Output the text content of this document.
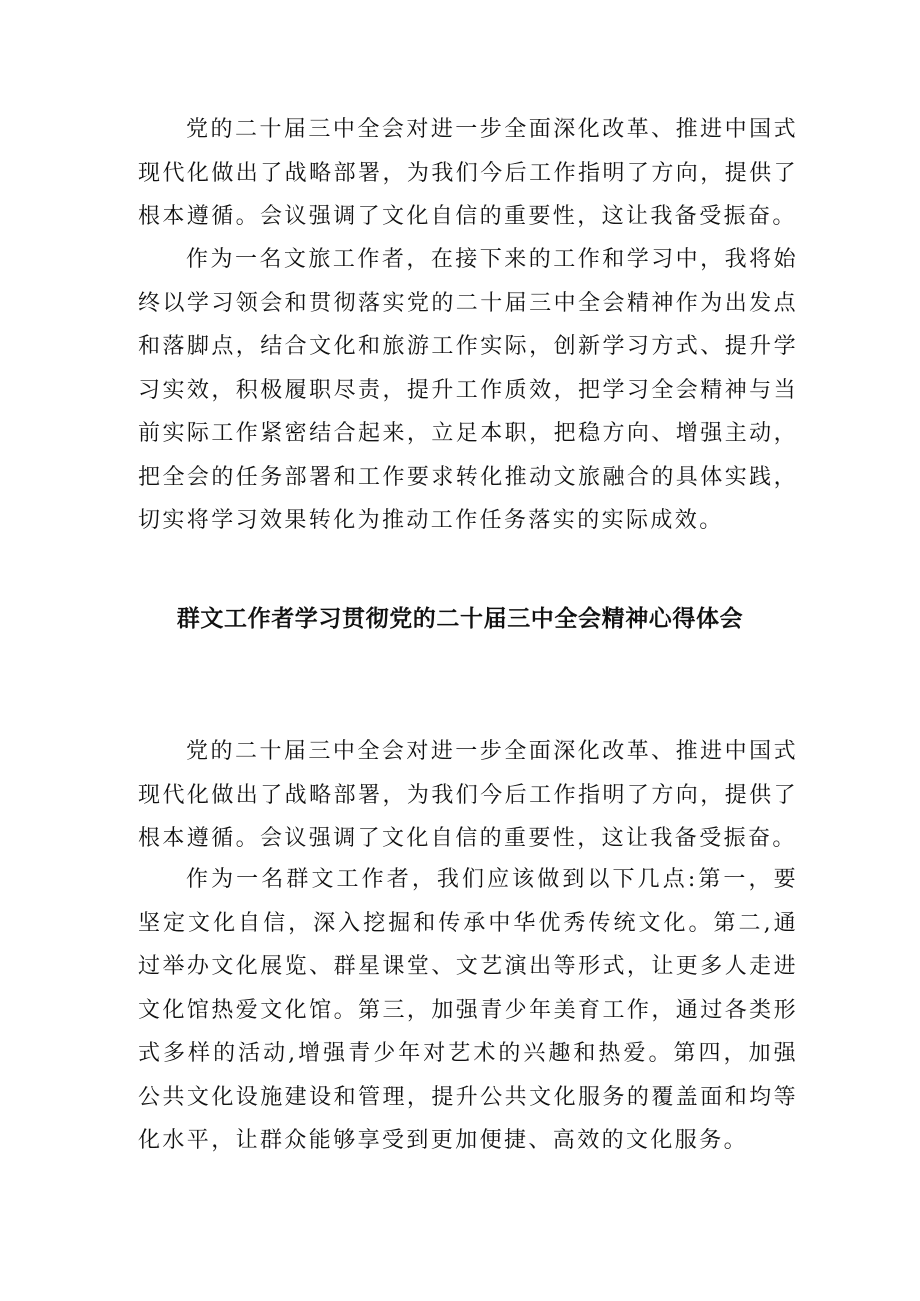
党的二十届三中全会对进一步全面深化改革、推进中国式现代化做出了战略部署，为我们今后工作指明了方向，提供了根本遵循。会议强调了文化自信的重要性，这让我备受振奋。

作为一名文旅工作者，在接下来的工作和学习中，我将始终以学习领会和贯彻落实党的二十届三中全会精神作为出发点和落脚点，结合文化和旅游工作实际，创新学习方式、提升学习实效，积极履职尽责，提升工作质效，把学习全会精神与当前实际工作紧密结合起来，立足本职，把稳方向、增强主动，把全会的任务部署和工作要求转化推动文旅融合的具体实践，切实将学习效果转化为推动工作任务落实的实际成效。

群文工作者学习贯彻党的二十届三中全会精神心得体会

党的二十届三中全会对进一步全面深化改革、推进中国式现代化做出了战略部署，为我们今后工作指明了方向，提供了根本遵循。会议强调了文化自信的重要性，这让我备受振奋。

作为一名群文工作者，我们应该做到以下几点:第一，要坚定文化自信，深入挖掘和传承中华优秀传统文化。第二,通过举办文化展览、群星课堂、文艺演出等形式，让更多人走进文化馆热爱文化馆。第三，加强青少年美育工作，通过各类形式多样的活动,增强青少年对艺术的兴趣和热爱。第四，加强公共文化设施建设和管理，提升公共文化服务的覆盖面和均等化水平，让群众能够享受到更加便捷、高效的文化服务。
